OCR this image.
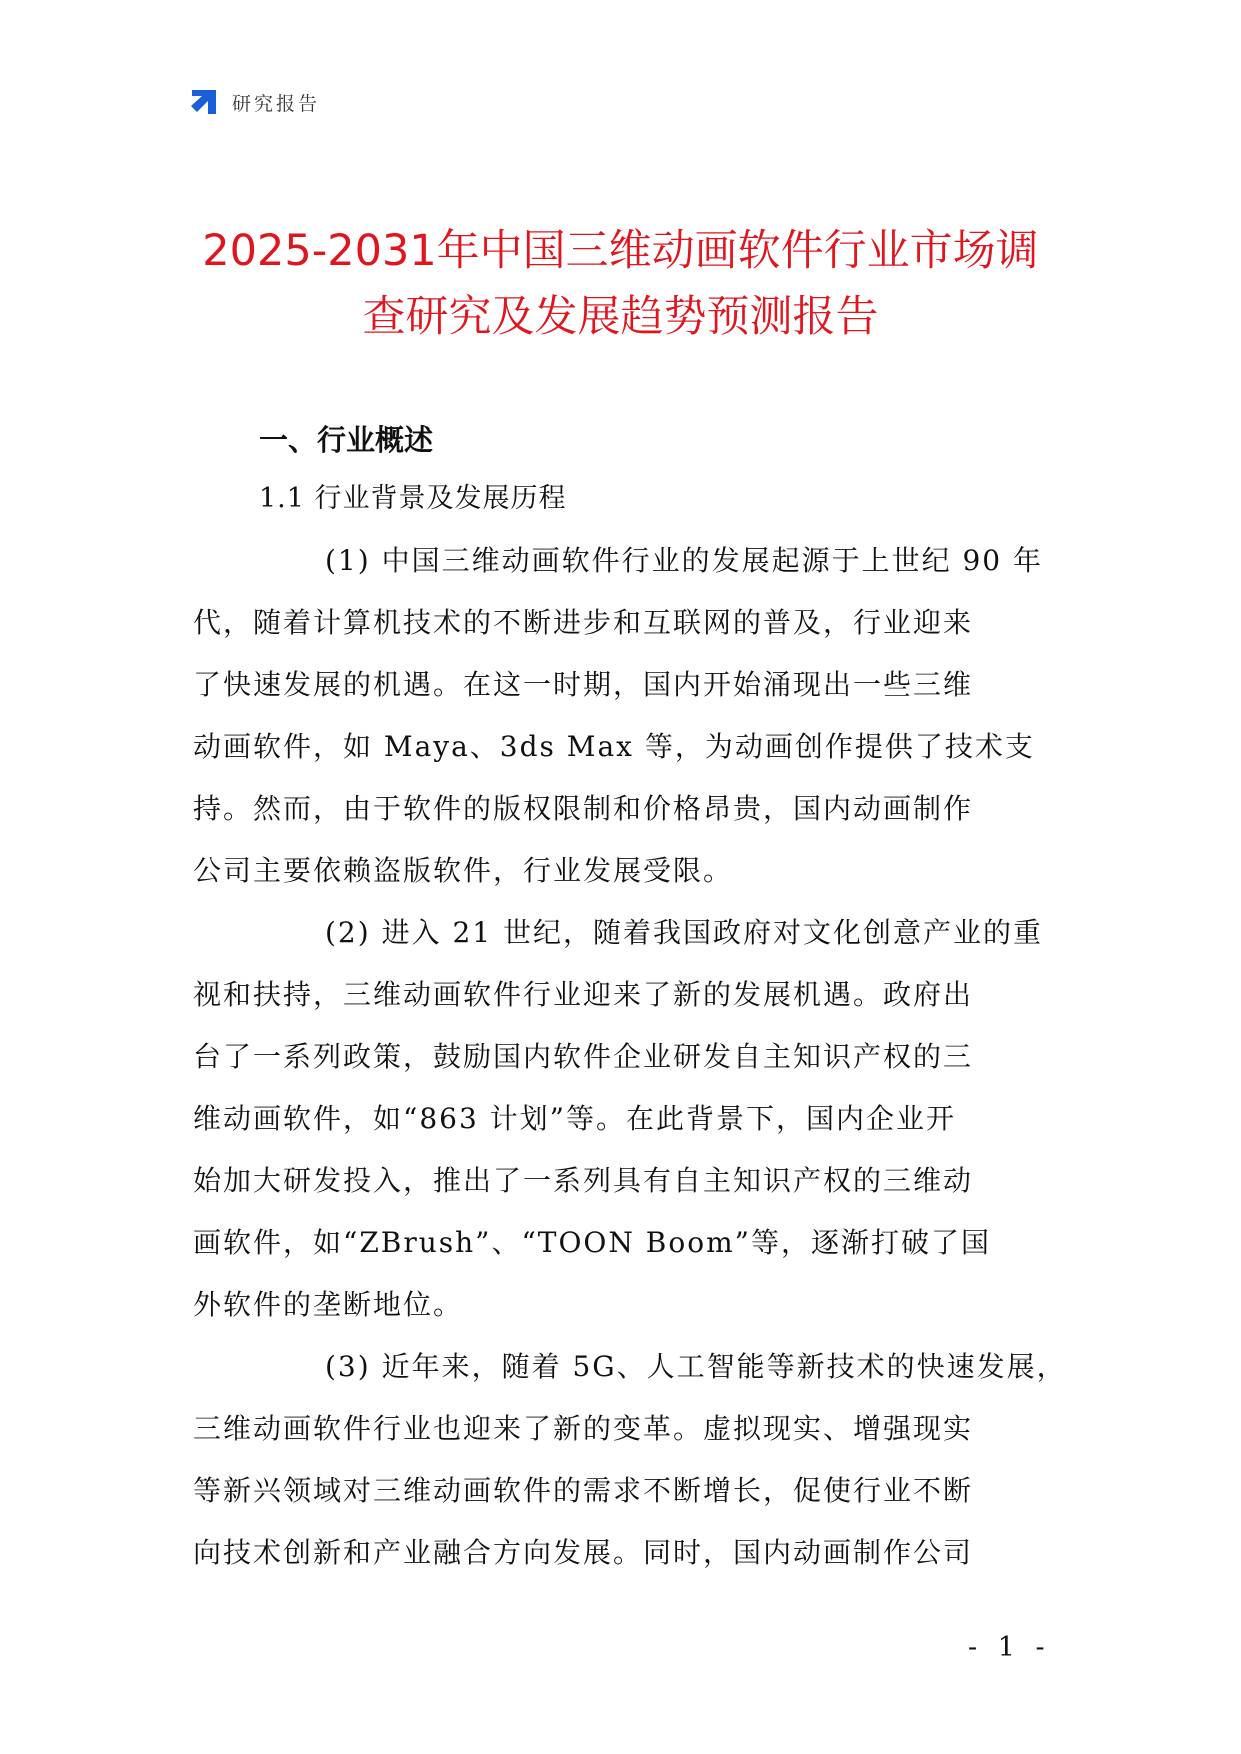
研究报告
2025-2031年中国三维动画软件行业市场调
查研究及发展趋势预测报告
一、行业概述
1.1 行业背景及发展历程

(1) 中国三维动画软件行业的发展起源于上世纪 90 年
代，随着计算机技术的不断进步和互联网的普及，行业迎来
了快速发展的机遇。在这一时期，国内开始涌现出一些三维
动画软件，如 Maya、3ds Max 等，为动画创作提供了技术支
持。然而，由于软件的版权限制和价格昂贵，国内动画制作
公司主要依赖盗版软件，行业发展受限。

(2) 进入 21 世纪，随着我国政府对文化创意产业的重
视和扶持，三维动画软件行业迎来了新的发展机遇。政府出
台了一系列政策，鼓励国内软件企业研发自主知识产权的三
维动画软件，如“863 计划”等。在此背景下，国内企业开
始加大研发投入，推出了一系列具有自主知识产权的三维动
画软件，如“ZBrush”、“TOON Boom”等，逐渐打破了国
外软件的垄断地位。

(3) 近年来，随着 5G、人工智能等新技术的快速发展，
三维动画软件行业也迎来了新的变革。虚拟现实、增强现实
等新兴领域对三维动画软件的需求不断增长，促使行业不断
向技术创新和产业融合方向发展。同时，国内动画制作公司

- 1 -
